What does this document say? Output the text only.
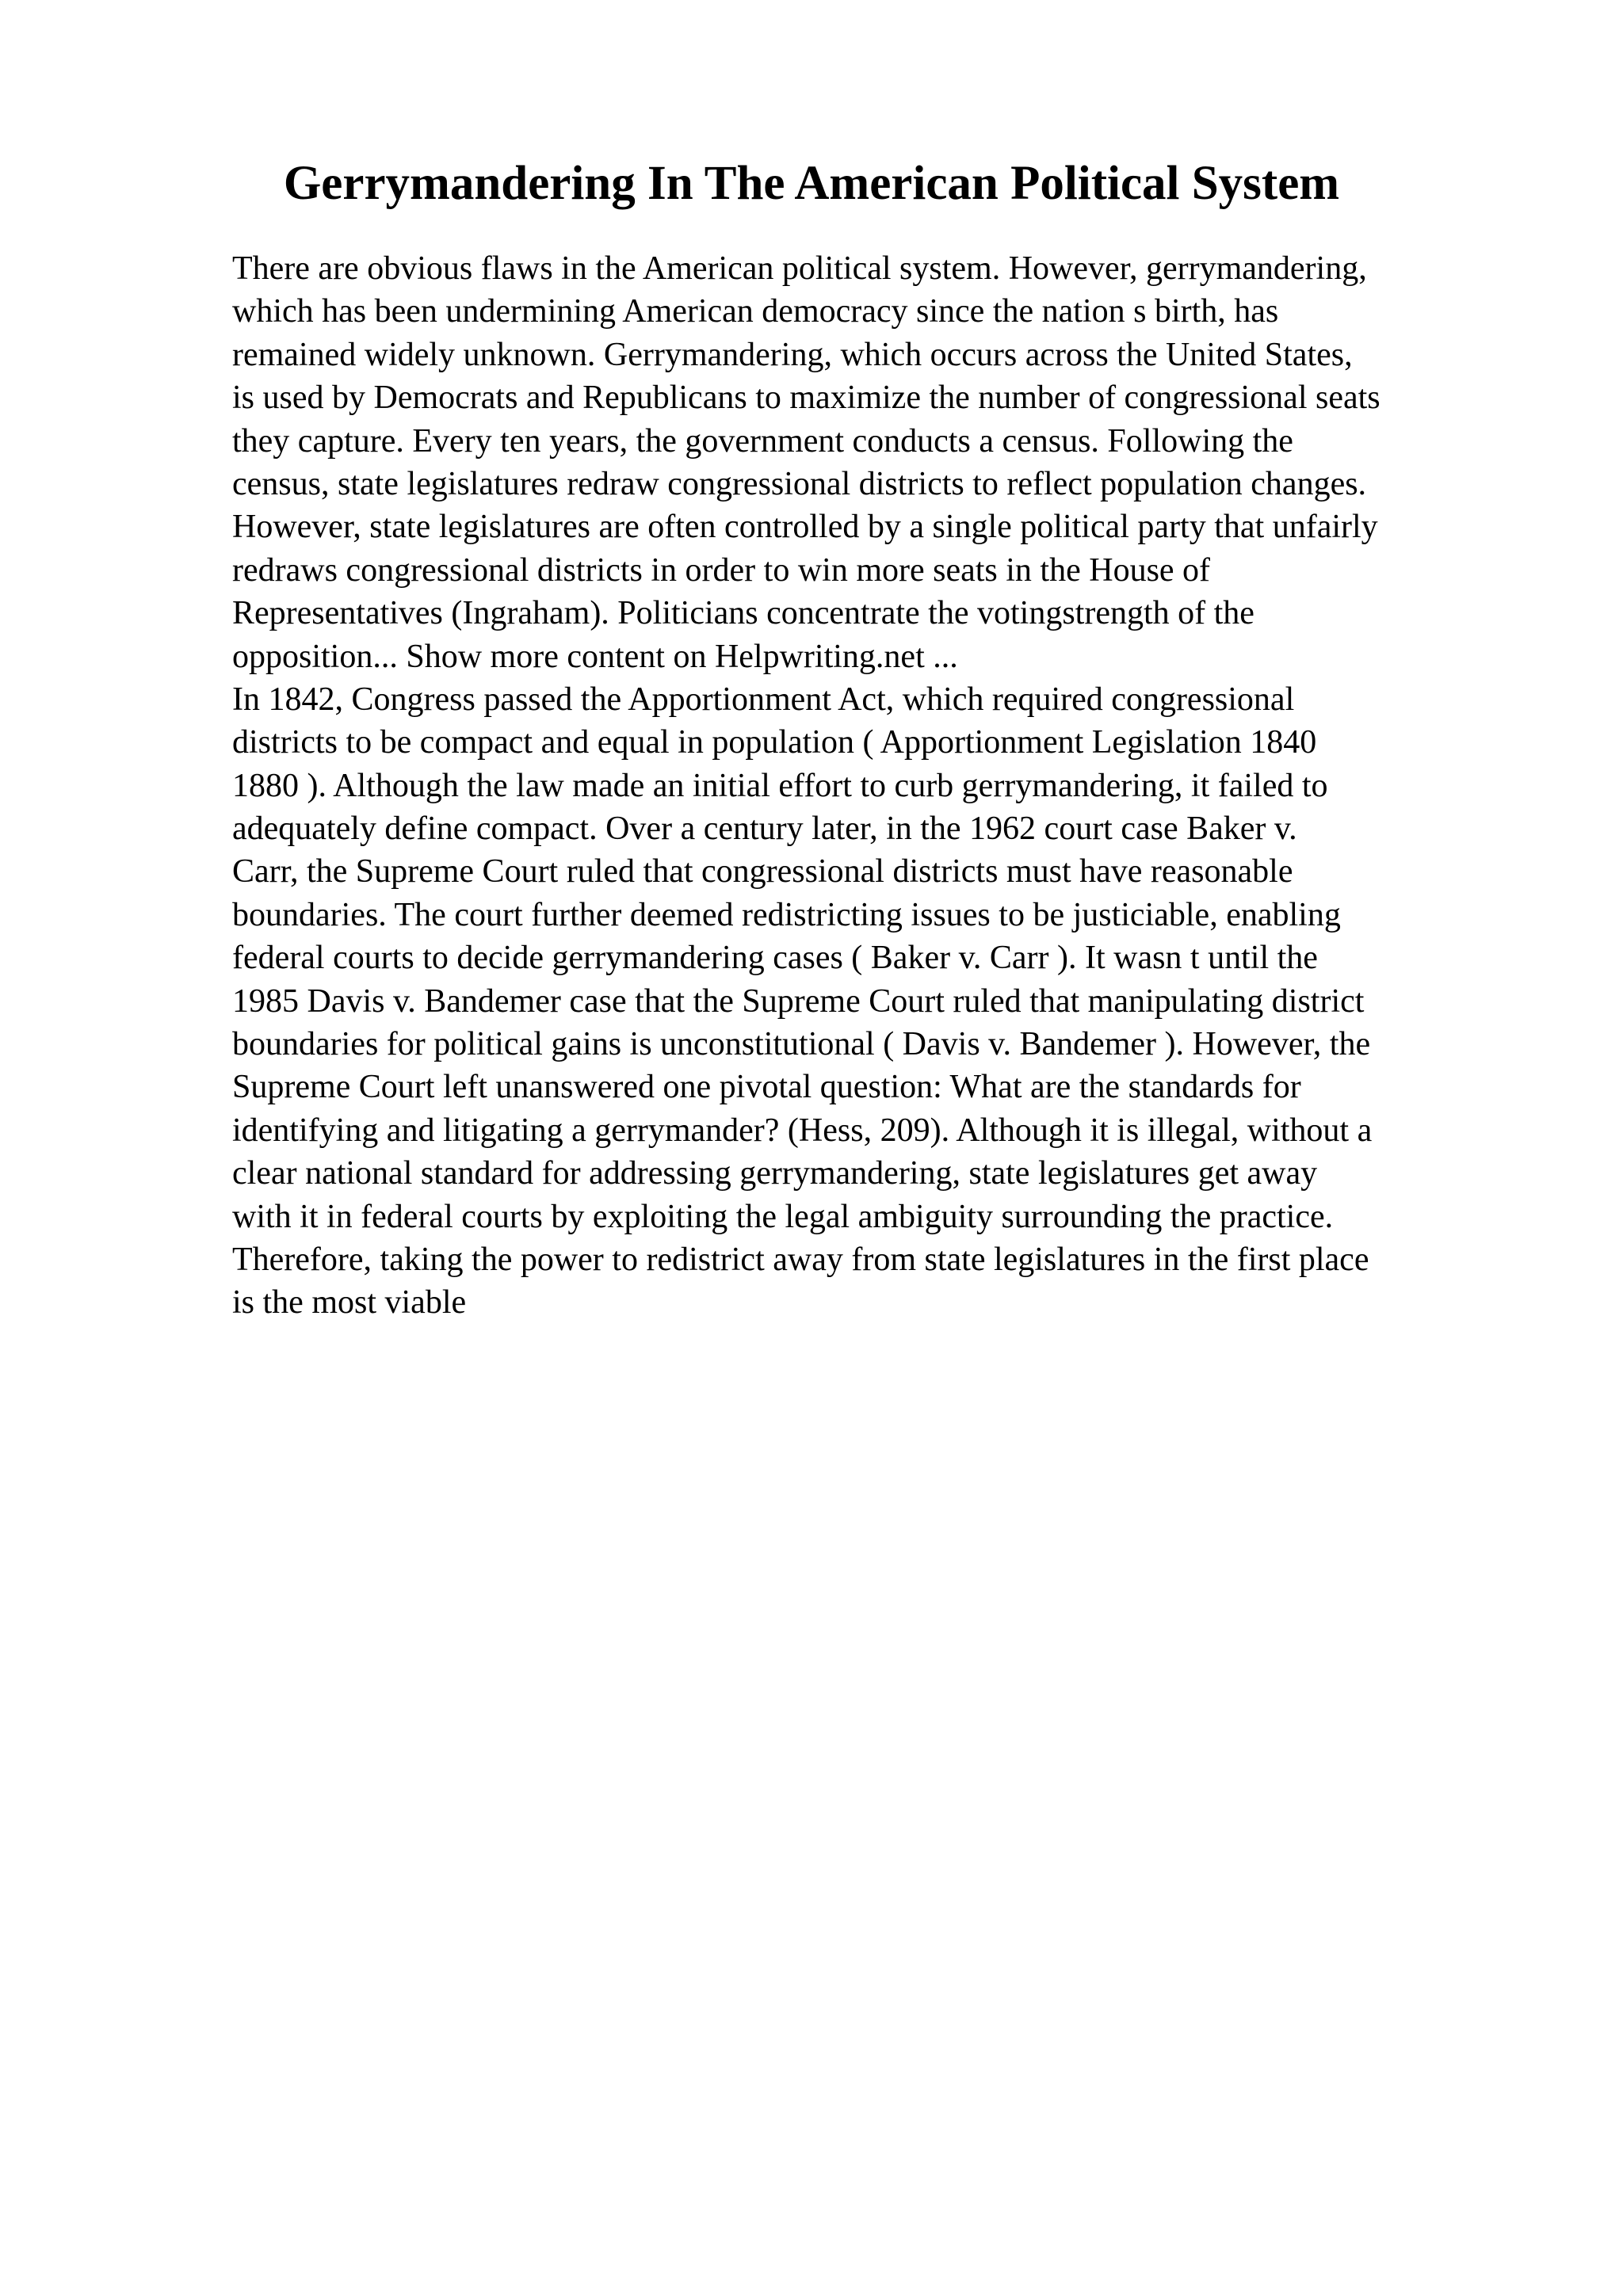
Gerrymandering In The American Political System
There are obvious flaws in the American political system. However, gerrymandering,
which has been undermining American democracy since the nation s birth, has
remained widely unknown. Gerrymandering, which occurs across the United States,
is used by Democrats and Republicans to maximize the number of congressional seats
they capture. Every ten years, the government conducts a census. Following the
census, state legislatures redraw congressional districts to reflect population changes.
However, state legislatures are often controlled by a single political party that unfairly
redraws congressional districts in order to win more seats in the House of
Representatives (Ingraham). Politicians concentrate the votingstrength of the
opposition... Show more content on Helpwriting.net ...
In 1842, Congress passed the Apportionment Act, which required congressional
districts to be compact and equal in population ( Apportionment Legislation 1840
1880 ). Although the law made an initial effort to curb gerrymandering, it failed to
adequately define compact. Over a century later, in the 1962 court case Baker v.
Carr, the Supreme Court ruled that congressional districts must have reasonable
boundaries. The court further deemed redistricting issues to be justiciable, enabling
federal courts to decide gerrymandering cases ( Baker v. Carr ). It wasn t until the
1985 Davis v. Bandemer case that the Supreme Court ruled that manipulating district
boundaries for political gains is unconstitutional ( Davis v. Bandemer ). However, the
Supreme Court left unanswered one pivotal question: What are the standards for
identifying and litigating a gerrymander? (Hess, 209). Although it is illegal, without a
clear national standard for addressing gerrymandering, state legislatures get away
with it in federal courts by exploiting the legal ambiguity surrounding the practice.
Therefore, taking the power to redistrict away from state legislatures in the first place
is the most viable
